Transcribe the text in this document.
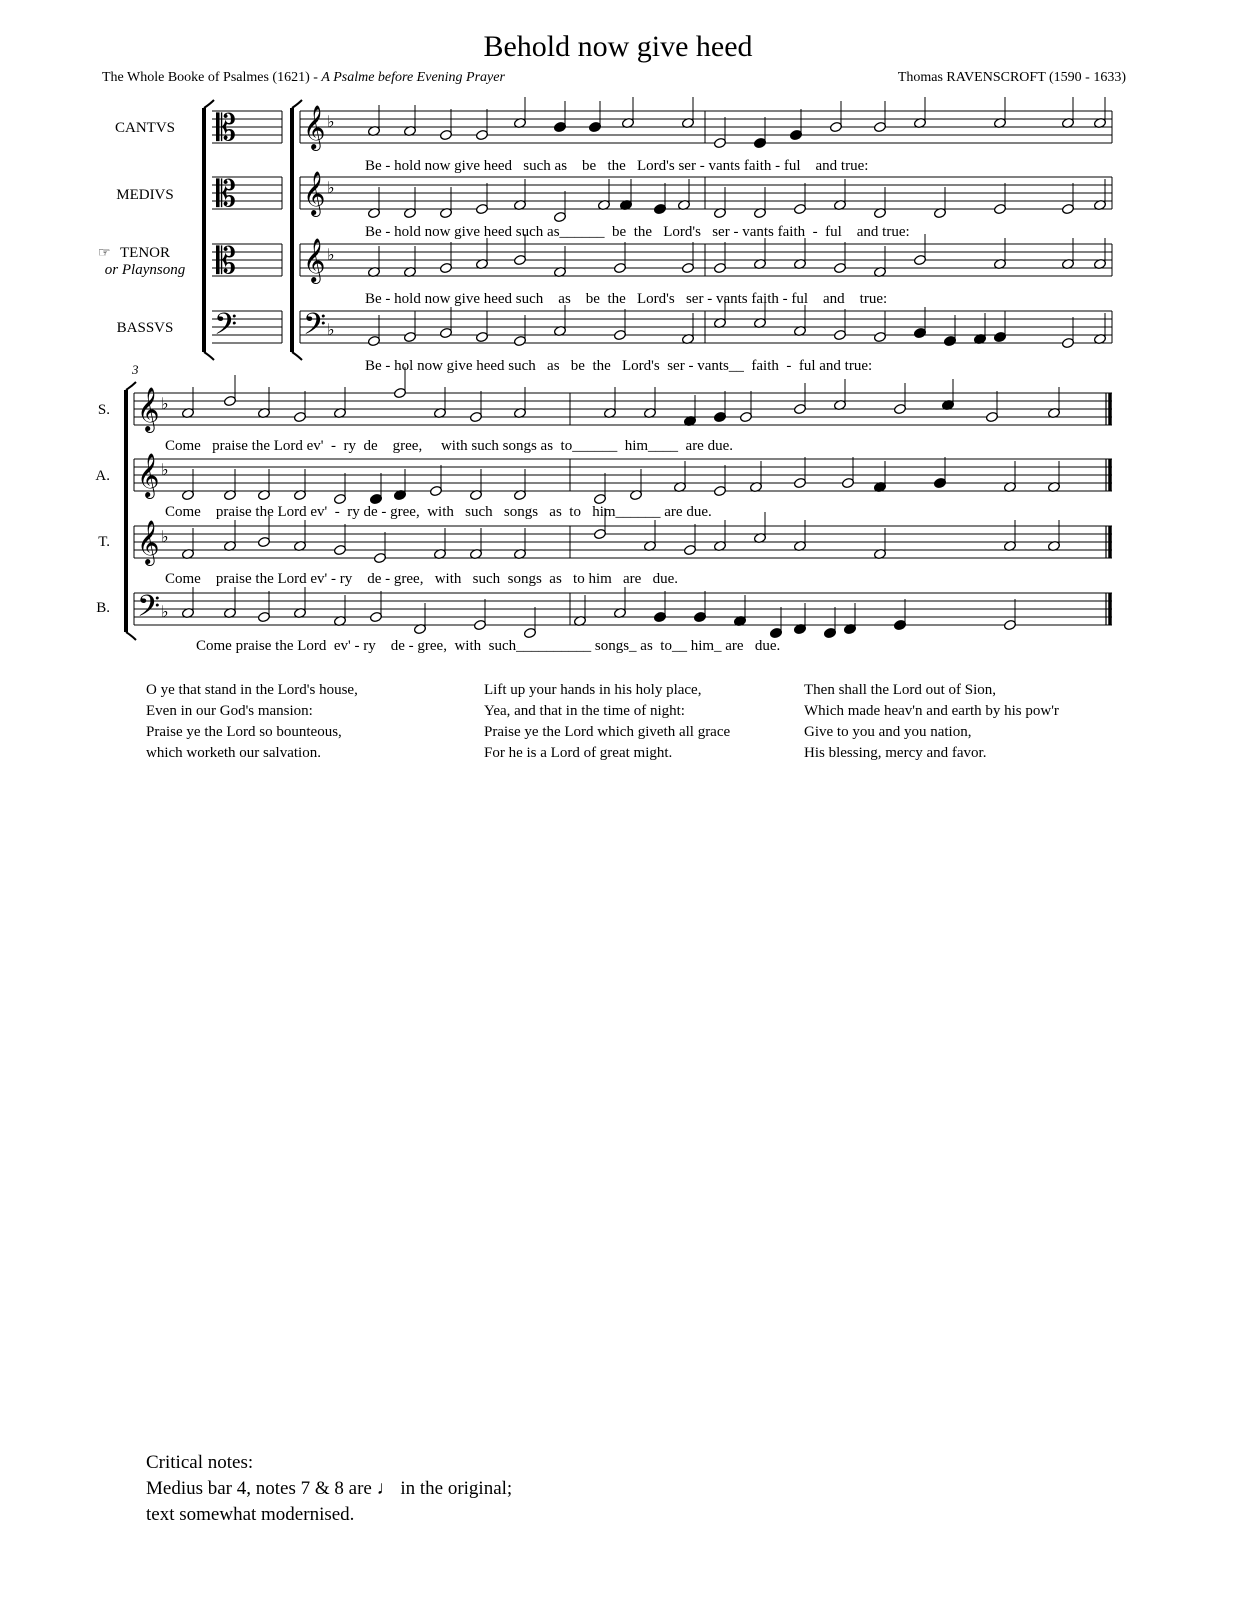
Behold now give heed
The Whole Booke of Psalmes (1621) - A Psalme before Evening Prayer	Thomas RAVENSCROFT (1590 - 1633)
CANTVS
MEDIVS
☞ TENOR
or Playnsong
BASSVS
𝄡
𝄡
𝄡
𝄢
𝄞
𝄞
𝄞
𝄢
𝄞
𝄞
𝄞
𝄢
♭
♭
♭
♭
♭
♭
♭
♭
3
S.
A.
T.
B.
Be - hold now give heed   such as    be   the   Lord's ser - vants faith - ful    and true:
Be - hold now give heed such as______  be  the   Lord's   ser - vants faith  -  ful    and true:
Be - hold now give heed such    as    be  the   Lord's   ser - vants faith - ful    and    true:
Be - hol now give heed such   as   be  the   Lord's  ser - vants__  faith  -  ful and true:
Come   praise the Lord ev'  -  ry  de    gree,     with such songs as  to______  him____  are due.
Come    praise the Lord ev'  -  ry de - gree,  with   such   songs   as  to   him______ are due.
Come    praise the Lord ev' - ry    de - gree,   with   such  songs  as   to him   are   due.
Come praise the Lord  ev' - ry    de - gree,  with  such__________ songs_ as  to__ him_ are   due.
O ye that stand in the Lord's house,
Even in our God's mansion:
Praise ye the Lord so bounteous,
which worketh our salvation.
Lift up your hands in his holy place,
Yea, and that in the time of night:
Praise ye the Lord which giveth all grace
For he is a Lord of great might.
Then shall the Lord out of Sion,
Which made heav'n and earth by his pow'r
Give to you and you nation,
His blessing, mercy and favor.
Critical notes:
Medius bar 4, notes 7 & 8 are ♩ in the original;
text somewhat modernised.
